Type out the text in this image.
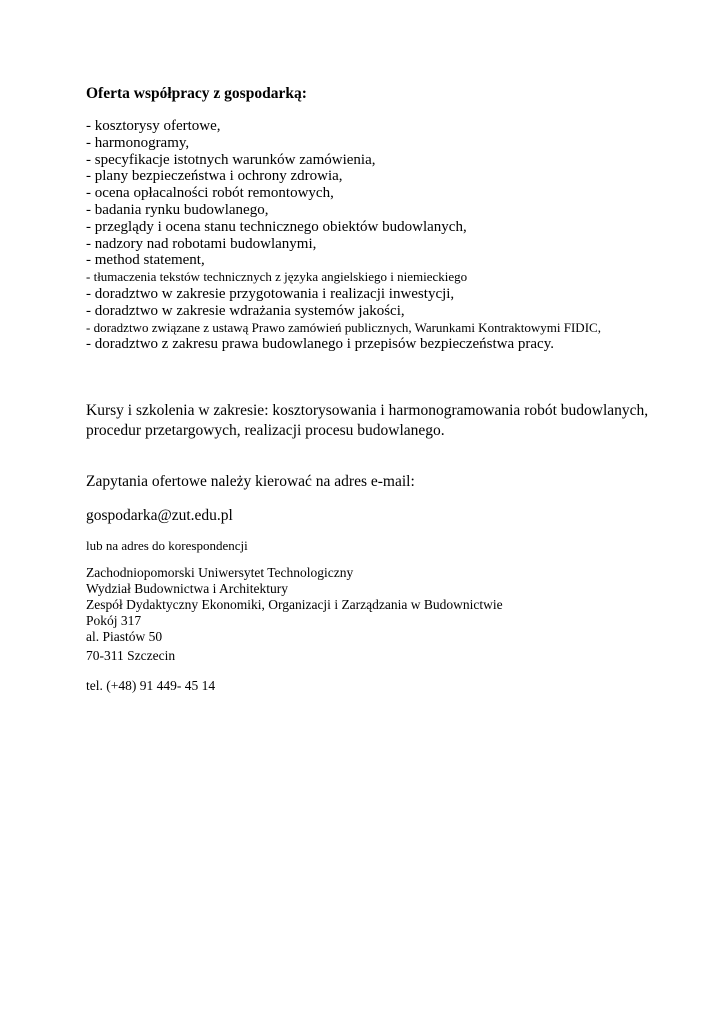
Oferta współpracy z gospodarką:

- kosztorysy ofertowe,
- harmonogramy,
- specyfikacje istotnych warunków zamówienia,
- plany bezpieczeństwa i ochrony zdrowia,
- ocena opłacalności robót remontowych,
- badania rynku budowlanego,
- przeglądy i ocena stanu technicznego obiektów budowlanych,
- nadzory nad robotami budowlanymi,
- method statement,
- tłumaczenia tekstów technicznych z języka angielskiego i niemieckiego
- doradztwo w zakresie przygotowania i realizacji inwestycji,
- doradztwo w zakresie wdrażania systemów jakości,
- doradztwo związane z ustawą Prawo zamówień publicznych, Warunkami Kontraktowymi FIDIC,
- doradztwo z zakresu prawa budowlanego i przepisów bezpieczeństwa pracy.

Kursy i szkolenia w zakresie: kosztorysowania i harmonogramowania robót budowlanych, procedur przetargowych, realizacji procesu budowlanego.

Zapytania ofertowe należy kierować na adres e-mail:

gospodarka@zut.edu.pl

lub na adres do korespondencji

Zachodniopomorski Uniwersytet Technologiczny
Wydział Budownictwa i Architektury
Zespół Dydaktyczny Ekonomiki, Organizacji i Zarządzania w Budownictwie
Pokój 317
al. Piastów 50
70-311 Szczecin

tel. (+48) 91 449- 45 14
